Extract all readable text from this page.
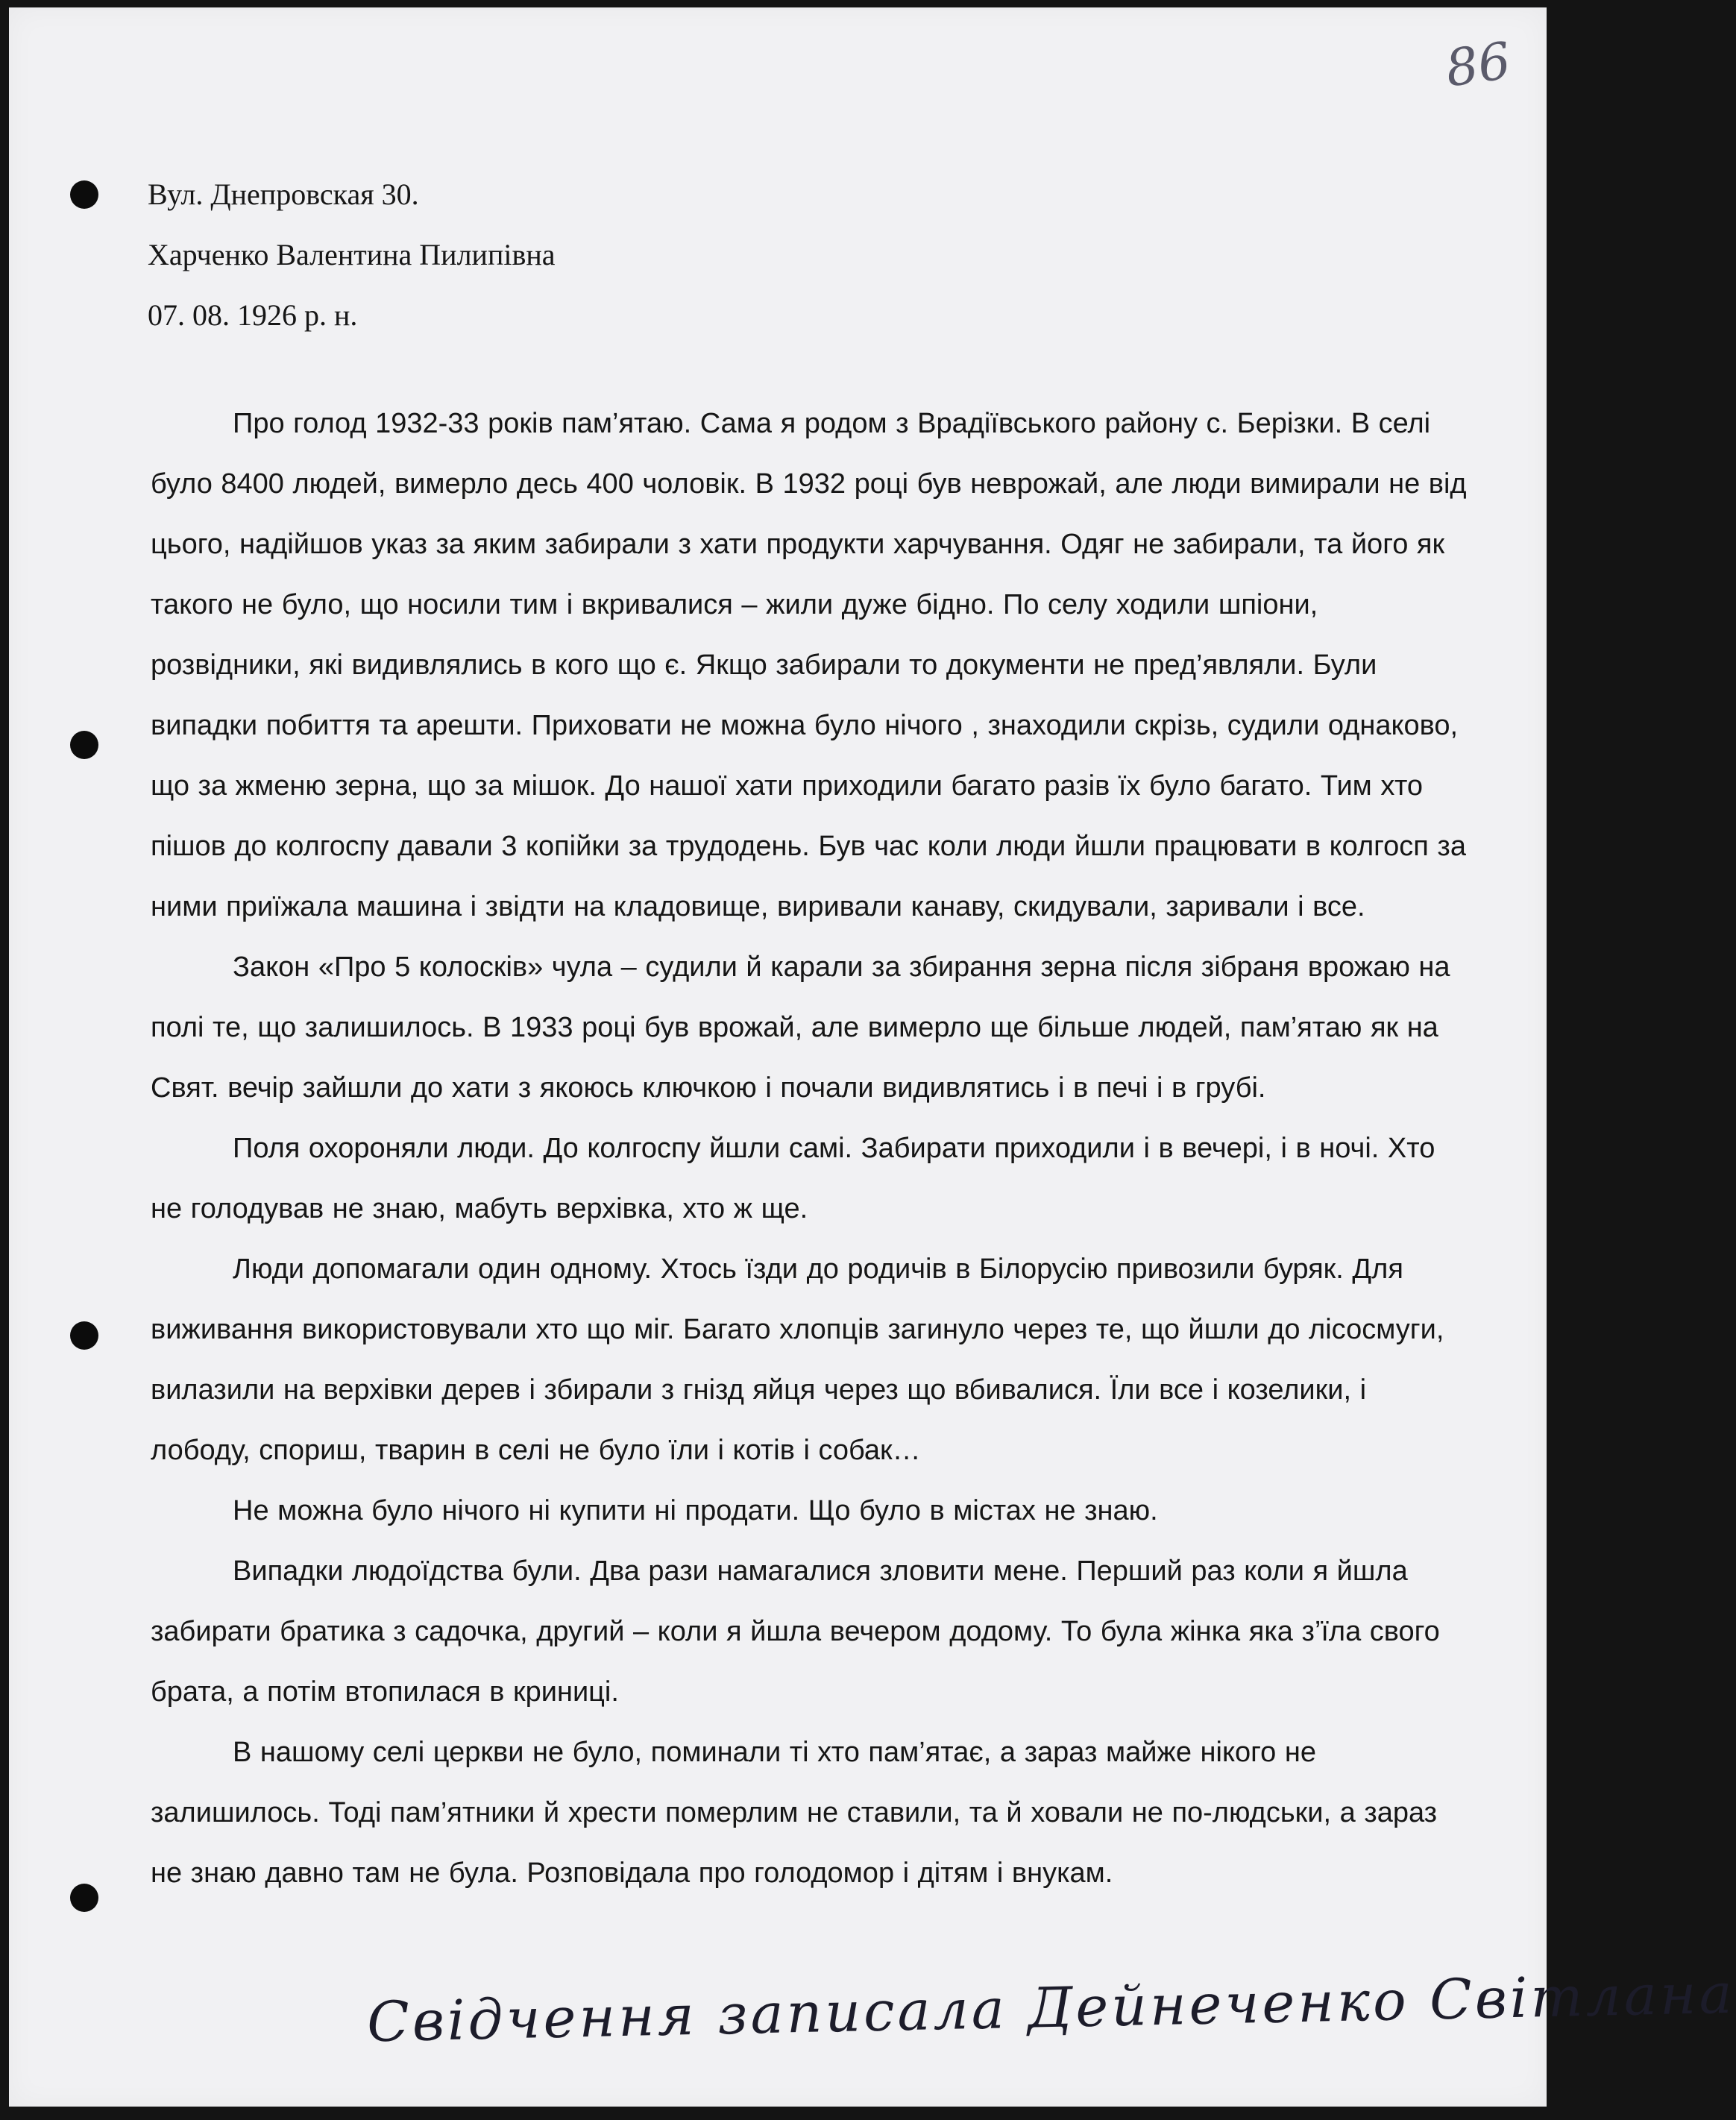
86
Вул. Днепровская 30.
Харченко Валентина Пилипівна
07. 08. 1926 р. н.

Про голод 1932-33 років пам’ятаю. Сама я родом з Врадіївського району с. Берізки. В селі було 8400 людей, вимерло десь 400 чоловік. В 1932 році був неврожай, але люди вимирали не від цього, надійшов указ за яким забирали з хати продукти харчування. Одяг не забирали, та його як такого не було, що носили тим і вкривалися – жили дуже бідно. По селу ходили шпіони, розвідники, які видивлялись в кого що є. Якщо забирали то документи не пред’являли. Були випадки побиття та арешти. Приховати не можна було нічого , знаходили скрізь, судили однаково, що за жменю зерна, що за мішок. До нашої хати приходили багато разів їх було багато. Тим хто пішов до колгоспу давали 3 копійки за трудодень. Був час коли люди йшли працювати в колгосп за ними приїжала машина і звідти на кладовище, виривали канаву, скидували, заривали і все.

Закон «Про 5 колосків» чула – судили й карали за збирання зерна після зібраня врожаю на полі те, що залишилось. В 1933 році був врожай, але вимерло ще більше людей, пам’ятаю як на Свят. вечір зайшли до хати з якоюсь ключкою і почали видивлятись і в печі і в грубі.

Поля охороняли люди. До колгоспу йшли самі. Забирати приходили і в вечері, і в ночі. Хто не голодував не знаю, мабуть верхівка, хто ж ще.

Люди допомагали один одному. Хтось їзди до родичів в Білорусію привозили буряк. Для виживання використовували хто що міг. Багато хлопців загинуло через те, що йшли до лісосмуги, вилазили на верхівки дерев і збирали з гнізд яйця через що вбивалися. Їли все і козелики, і лободу, спориш, тварин в селі не було їли і котів і собак…

Не можна було нічого ні купити ні продати. Що було в містах не знаю.

Випадки людоїдства були. Два рази намагалися зловити мене. Перший раз коли я йшла забирати братика з садочка, другий – коли я йшла вечером додому. То була жінка яка з’їла свого брата, а потім втопилася в криниці.

В нашому селі церкви не було, поминали ті хто пам’ятає, а зараз майже нікого не залишилось. Тоді пам’ятники й хрести померлим не ставили, та й ховали не по-людськи, а зараз не знаю давно там не була. Розповідала про голодомор і дітям і внукам.

Свідчення записала Дейнеченко Світлана
